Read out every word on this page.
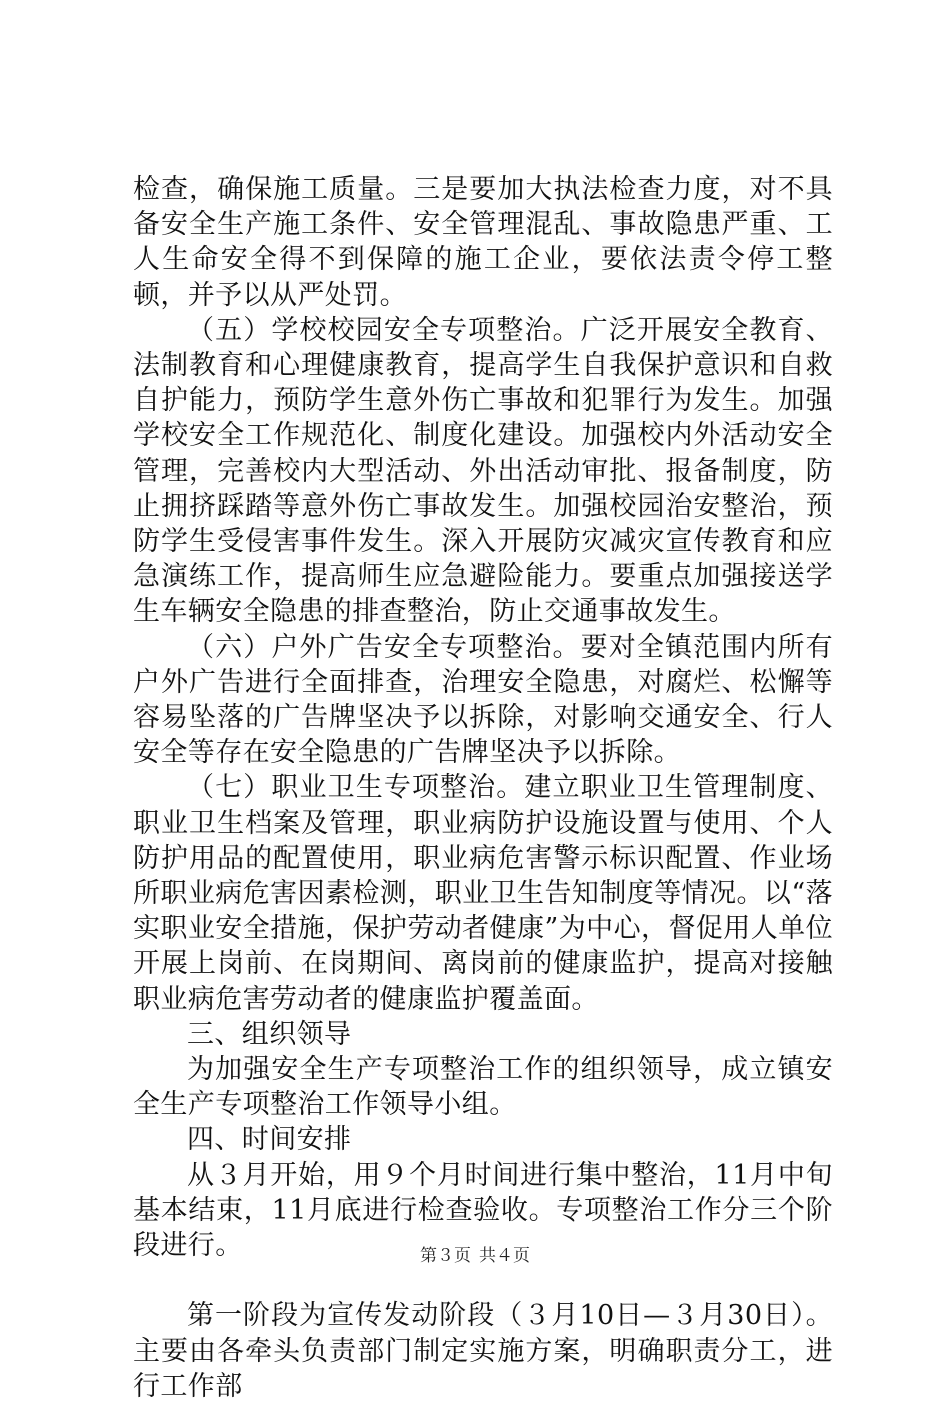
检查，确保施工质量。三是要加大执法检查力度，对不具备安全生产施工条件、安全管理混乱、事故隐患严重、工人生命安全得不到保障的施工企业，要依法责令停工整顿，并予以从严处罚。

（五）学校校园安全专项整治。广泛开展安全教育、法制教育和心理健康教育，提高学生自我保护意识和自救自护能力，预防学生意外伤亡事故和犯罪行为发生。加强学校安全工作规范化、制度化建设。加强校内外活动安全管理，完善校内大型活动、外出活动审批、报备制度，防止拥挤踩踏等意外伤亡事故发生。加强校园治安整治，预防学生受侵害事件发生。深入开展防灾减灾宣传教育和应急演练工作，提高师生应急避险能力。要重点加强接送学生车辆安全隐患的排查整治，防止交通事故发生。

（六）户外广告安全专项整治。要对全镇范围内所有户外广告进行全面排查，治理安全隐患，对腐烂、松懈等容易坠落的广告牌坚决予以拆除，对影响交通安全、行人安全等存在安全隐患的广告牌坚决予以拆除。

（七）职业卫生专项整治。建立职业卫生管理制度、职业卫生档案及管理，职业病防护设施设置与使用、个人防护用品的配置使用，职业病危害警示标识配置、作业场所职业病危害因素检测，职业卫生告知制度等情况。以“落实职业安全措施，保护劳动者健康”为中心，督促用人单位开展上岗前、在岗期间、离岗前的健康监护，提高对接触职业病危害劳动者的健康监护覆盖面。

三、组织领导

为加强安全生产专项整治工作的组织领导，成立镇安全生产专项整治工作领导小组。

四、时间安排

从３月开始，用９个月时间进行集中整治，11月中旬基本结束，11月底进行检查验收。专项整治工作分三个阶段进行。

第一阶段为宣传发动阶段（３月10日—３月30日）。主要由各牵头负责部门制定实施方案，明确职责分工，进行工作部

第３页 共４页
